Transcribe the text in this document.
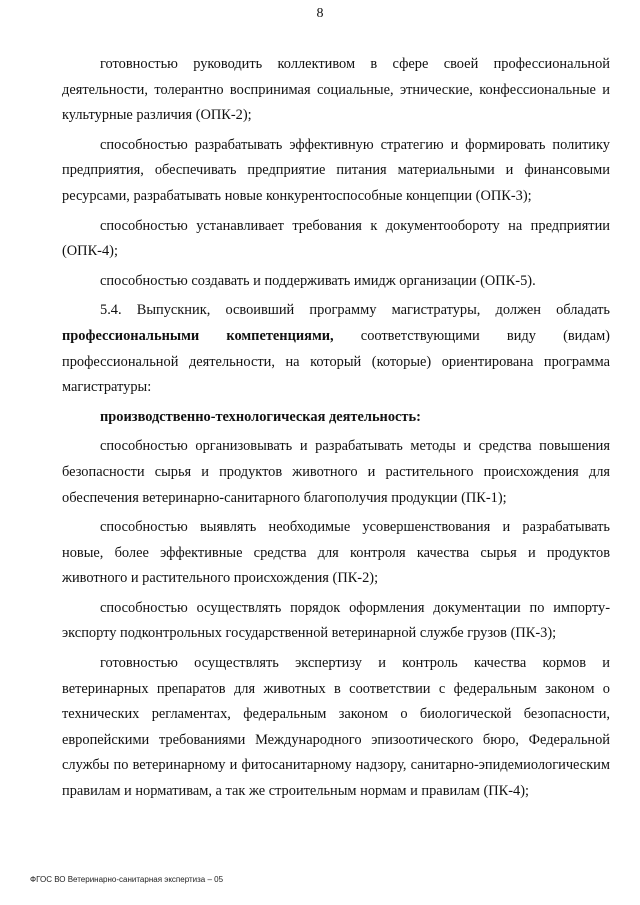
8

готовностью руководить коллективом в сфере своей профессиональной деятельности, толерантно воспринимая социальные, этнические, конфессиональные и культурные различия (ОПК-2);

способностью разрабатывать эффективную стратегию и формировать политику предприятия, обеспечивать предприятие питания материальными и финансовыми ресурсами, разрабатывать новые конкурентоспособные концепции (ОПК-3);

способностью устанавливает требования к документообороту на предприятии (ОПК-4);

способностью создавать и поддерживать имидж организации (ОПК-5).

5.4. Выпускник, освоивший программу магистратуры, должен обладать профессиональными компетенциями, соответствующими виду (видам) профессиональной деятельности, на который (которые) ориентирована программа магистратуры:

производственно-технологическая деятельность:

способностью организовывать и разрабатывать методы и средства повышения безопасности сырья и продуктов животного и растительного происхождения для обеспечения ветеринарно-санитарного благополучия продукции (ПК-1);

способностью выявлять необходимые усовершенствования и разрабатывать новые, более эффективные средства для контроля качества сырья и продуктов животного и растительного происхождения (ПК-2);

способностью осуществлять порядок оформления документации по импорту-экспорту подконтрольных государственной ветеринарной службе грузов (ПК-3);

готовностью осуществлять экспертизу и контроль качества кормов и ветеринарных препаратов для животных в соответствии с федеральным законом о технических регламентах, федеральным законом о биологической безопасности, европейскими требованиями Международного эпизоотического бюро, Федеральной службы по ветеринарному и фитосанитарному надзору, санитарно-эпидемиологическим правилам и нормативам, а так же строительным нормам и правилам (ПК-4);

ФГОС ВО Ветеринарно-санитарная экспертиза – 05
